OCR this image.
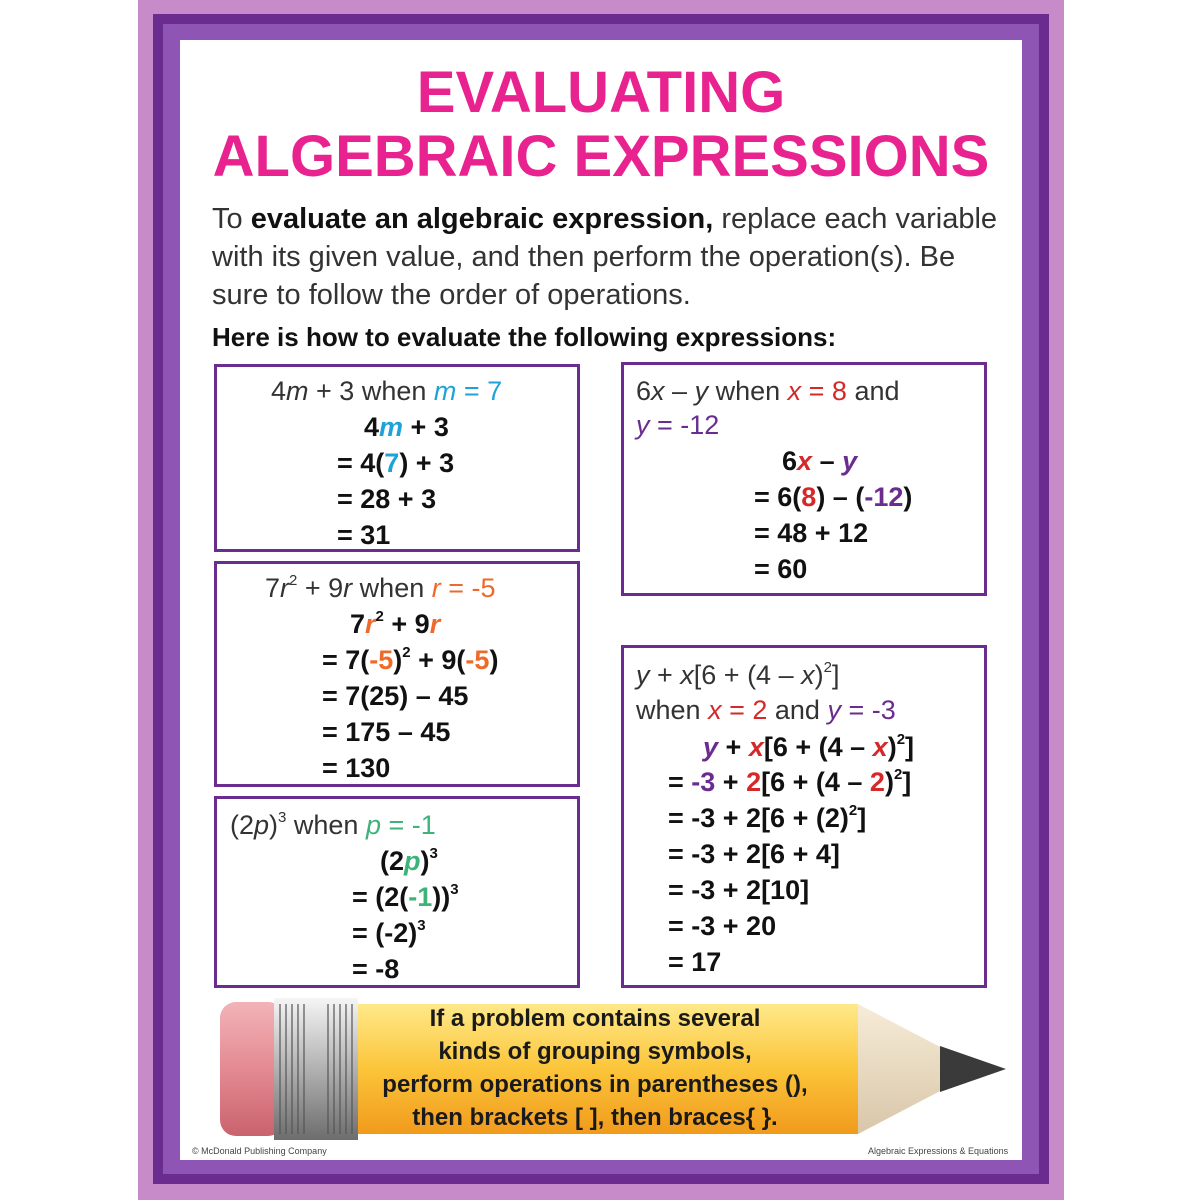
EVALUATING
ALGEBRAIC EXPRESSIONS
To evaluate an algebraic expression, replace each variable with its given value, and then perform the operation(s). Be sure to follow the order of operations.
Here is how to evaluate the following expressions:
4m + 3 when m = 7
4m + 3
= 4(7) + 3
= 28 + 3
= 31
$7r^2 + 9r$ when r = -5
$7r^2 + 9r$
= $7(-5)^2 + 9(-5)$
= 7(25) – 45
= 175 – 45
= 130
$(2p)^3$ when p = -1
$(2p)^3$
= $(2(-1))^3$
= $(-2)^3$
= -8
6x – y when x = 8 and
y = -12
6x – y
= 6(8) – (-12)
= 48 + 12
= 60
y + x[6 + (4 – x)$^2$]
when x = 2 and y = -3
y + x[6 + (4 – x)$^2$]
= -3 + 2[6 + (4 – 2)$^2$]
= $-3 + 2[6 + (2)^2]$
= -3 + 2[6 + 4]
= -3 + 2[10]
= -3 + 20
= 17
If a problem contains several
kinds of grouping symbols,
perform operations in parentheses (),
then brackets [ ], then braces{ }.
© McDonald Publishing Company	Algebraic Expressions & Equations
